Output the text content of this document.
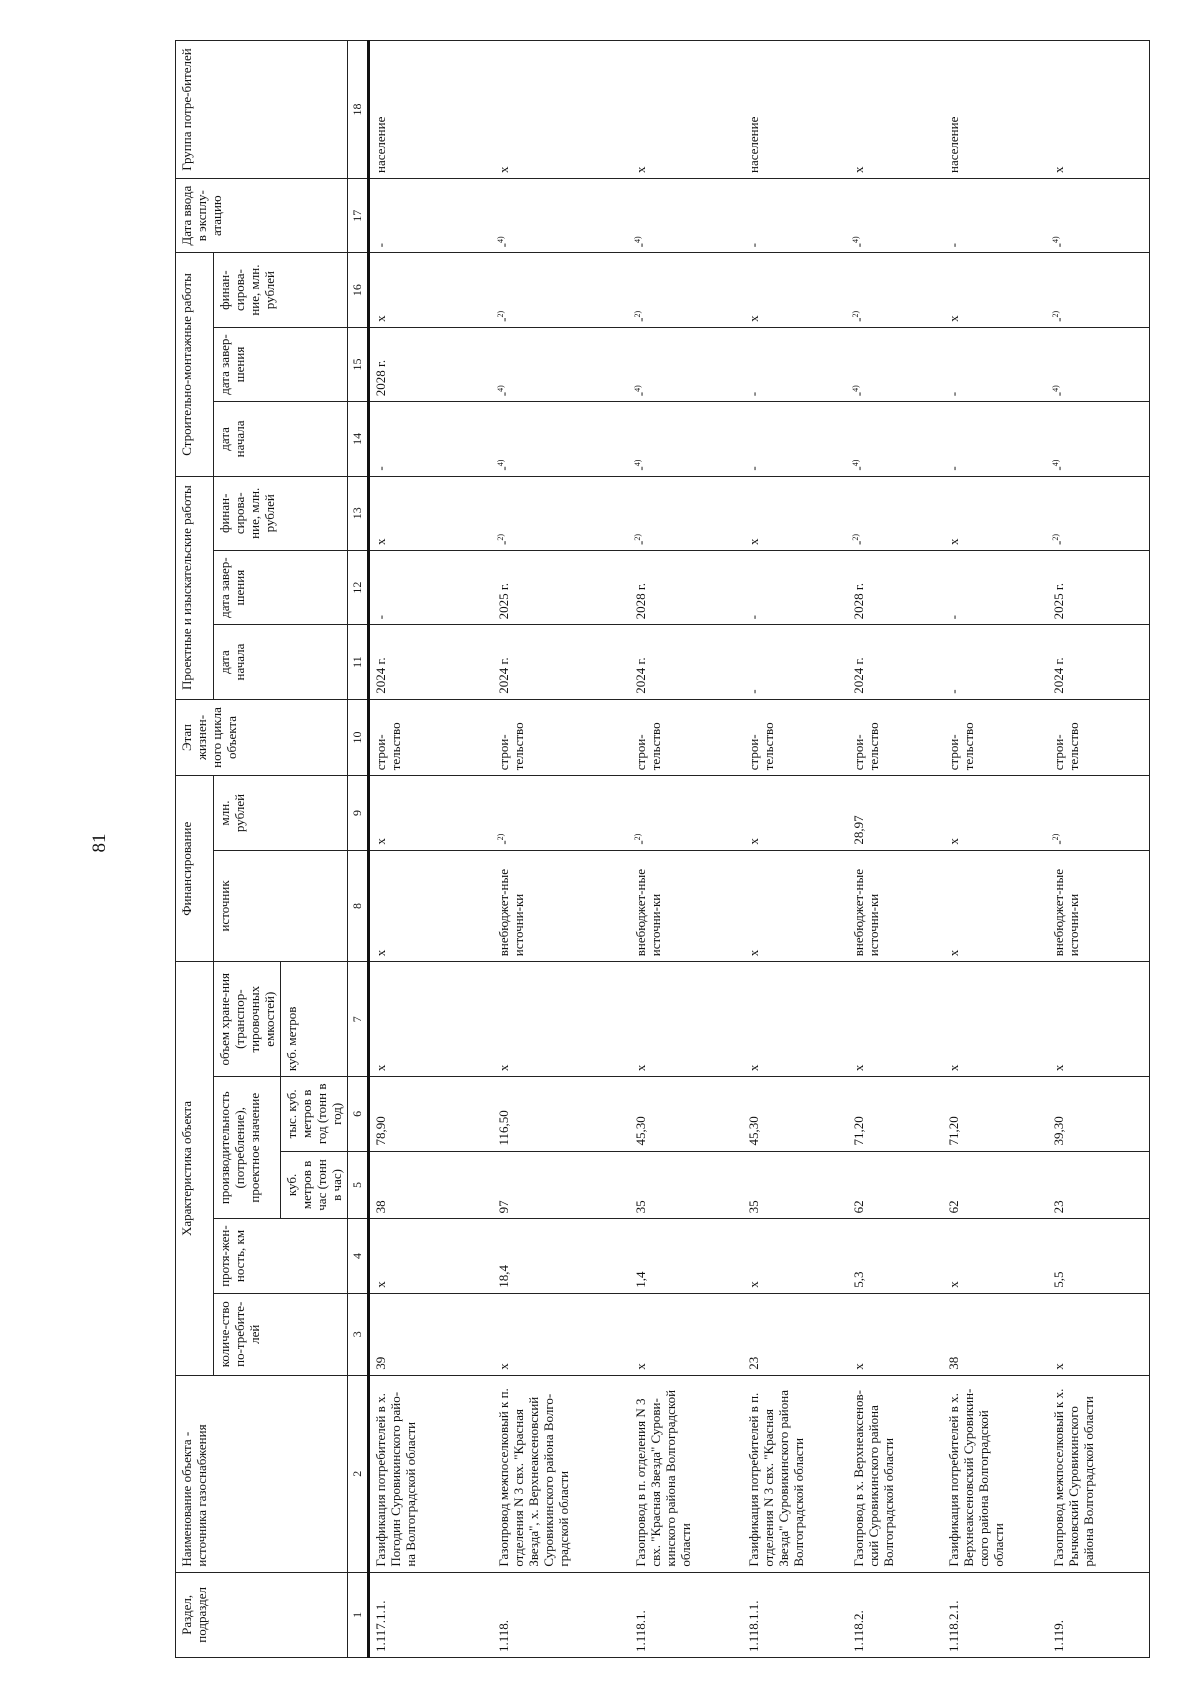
81
Раздел, подраздел	Наименование объекта - источника газоснабжения	Характеристика объекта					Финансирование		Этап жизнен-ного цикла объекта	Проектные и изыскательские работы			Строительно-монтажные работы			Дата ввода в эксплу-атацию	Группа потре-бителей
		количе-ство по-требите-лей	протя-жен-ность, км	производительность (потребление), проектное значение		объем хране-ния (транспор-тировочных емкостей)	источник	млн. рублей		дата начала	дата завер-шения	финан-сирова-ние, млн. рублей	дата начала	дата завер-шения	финан-сирова-ние, млн. рублей		
				куб. метров в час (тонн в час)	тыс. куб. метров в год (тонн в год)	куб. метров											
1	2	3	4	5	6	7	8	9	10	11	12	13	14	15	16	17	18
1.117.1.1.	Газификация потребителей в х. Погодин Суровикинского райо-на Волгоградской области	39	x	38	78,90	x	x	x	строи-тельство	2024 г.	-	x	-	2028 г.	x	-	население
1.118.	Газопровод межпоселковый к п. отделения N 3 свх. "Красная Звезда", х. Верхнеаксеновский Суровикинского района Волго-градской области	x	18,4	97	116,50	x	внебюджет-ные источни-ки	-$^{2)}$	строи-тельство	2024 г.	2025 г.	-$^{2)}$	-$^{4)}$	-$^{4)}$	-$^{2)}$	-$^{4)}$	x
1.118.1.	Газопровод в п. отделения N 3 свх. "Красная Звезда" Сурови-кинского района Волгоградской области	x	1,4	35	45,30	x	внебюджет-ные источни-ки	-$^{2)}$	строи-тельство	2024 г.	2028 г.	-$^{2)}$	-$^{4)}$	-$^{4)}$	-$^{2)}$	-$^{4)}$	x
1.118.1.1.	Газификация потребителей в п. отделения N 3 свх. "Красная Звезда" Суровикинского района Волгоградской области	23	x	35	45,30	x	x	x	строи-тельство	-	-	x	-	-	x	-	население
1.118.2.	Газопровод в х. Верхнеаксенов-ский Суровикинского района Волгоградской области	x	5,3	62	71,20	x	внебюджет-ные источни-ки	28,97	строи-тельство	2024 г.	2028 г.	-$^{2)}$	-$^{4)}$	-$^{4)}$	-$^{2)}$	-$^{4)}$	x
1.118.2.1.	Газификация потребителей в х. Верхнеаксеновский Суровикин-ского района Волгоградской области	38	x	62	71,20	x	x	x	строи-тельство	-	-	x	-	-	x	-	население
1.119.	Газопровод межпоселковый к х. Рычковский Суровикинского района Волгоградской области	x	5,5	23	39,30	x	внебюджет-ные источни-ки	-$^{2)}$	строи-тельство	2024 г.	2025 г.	-$^{2)}$	-$^{4)}$	-$^{4)}$	-$^{2)}$	-$^{4)}$	x
